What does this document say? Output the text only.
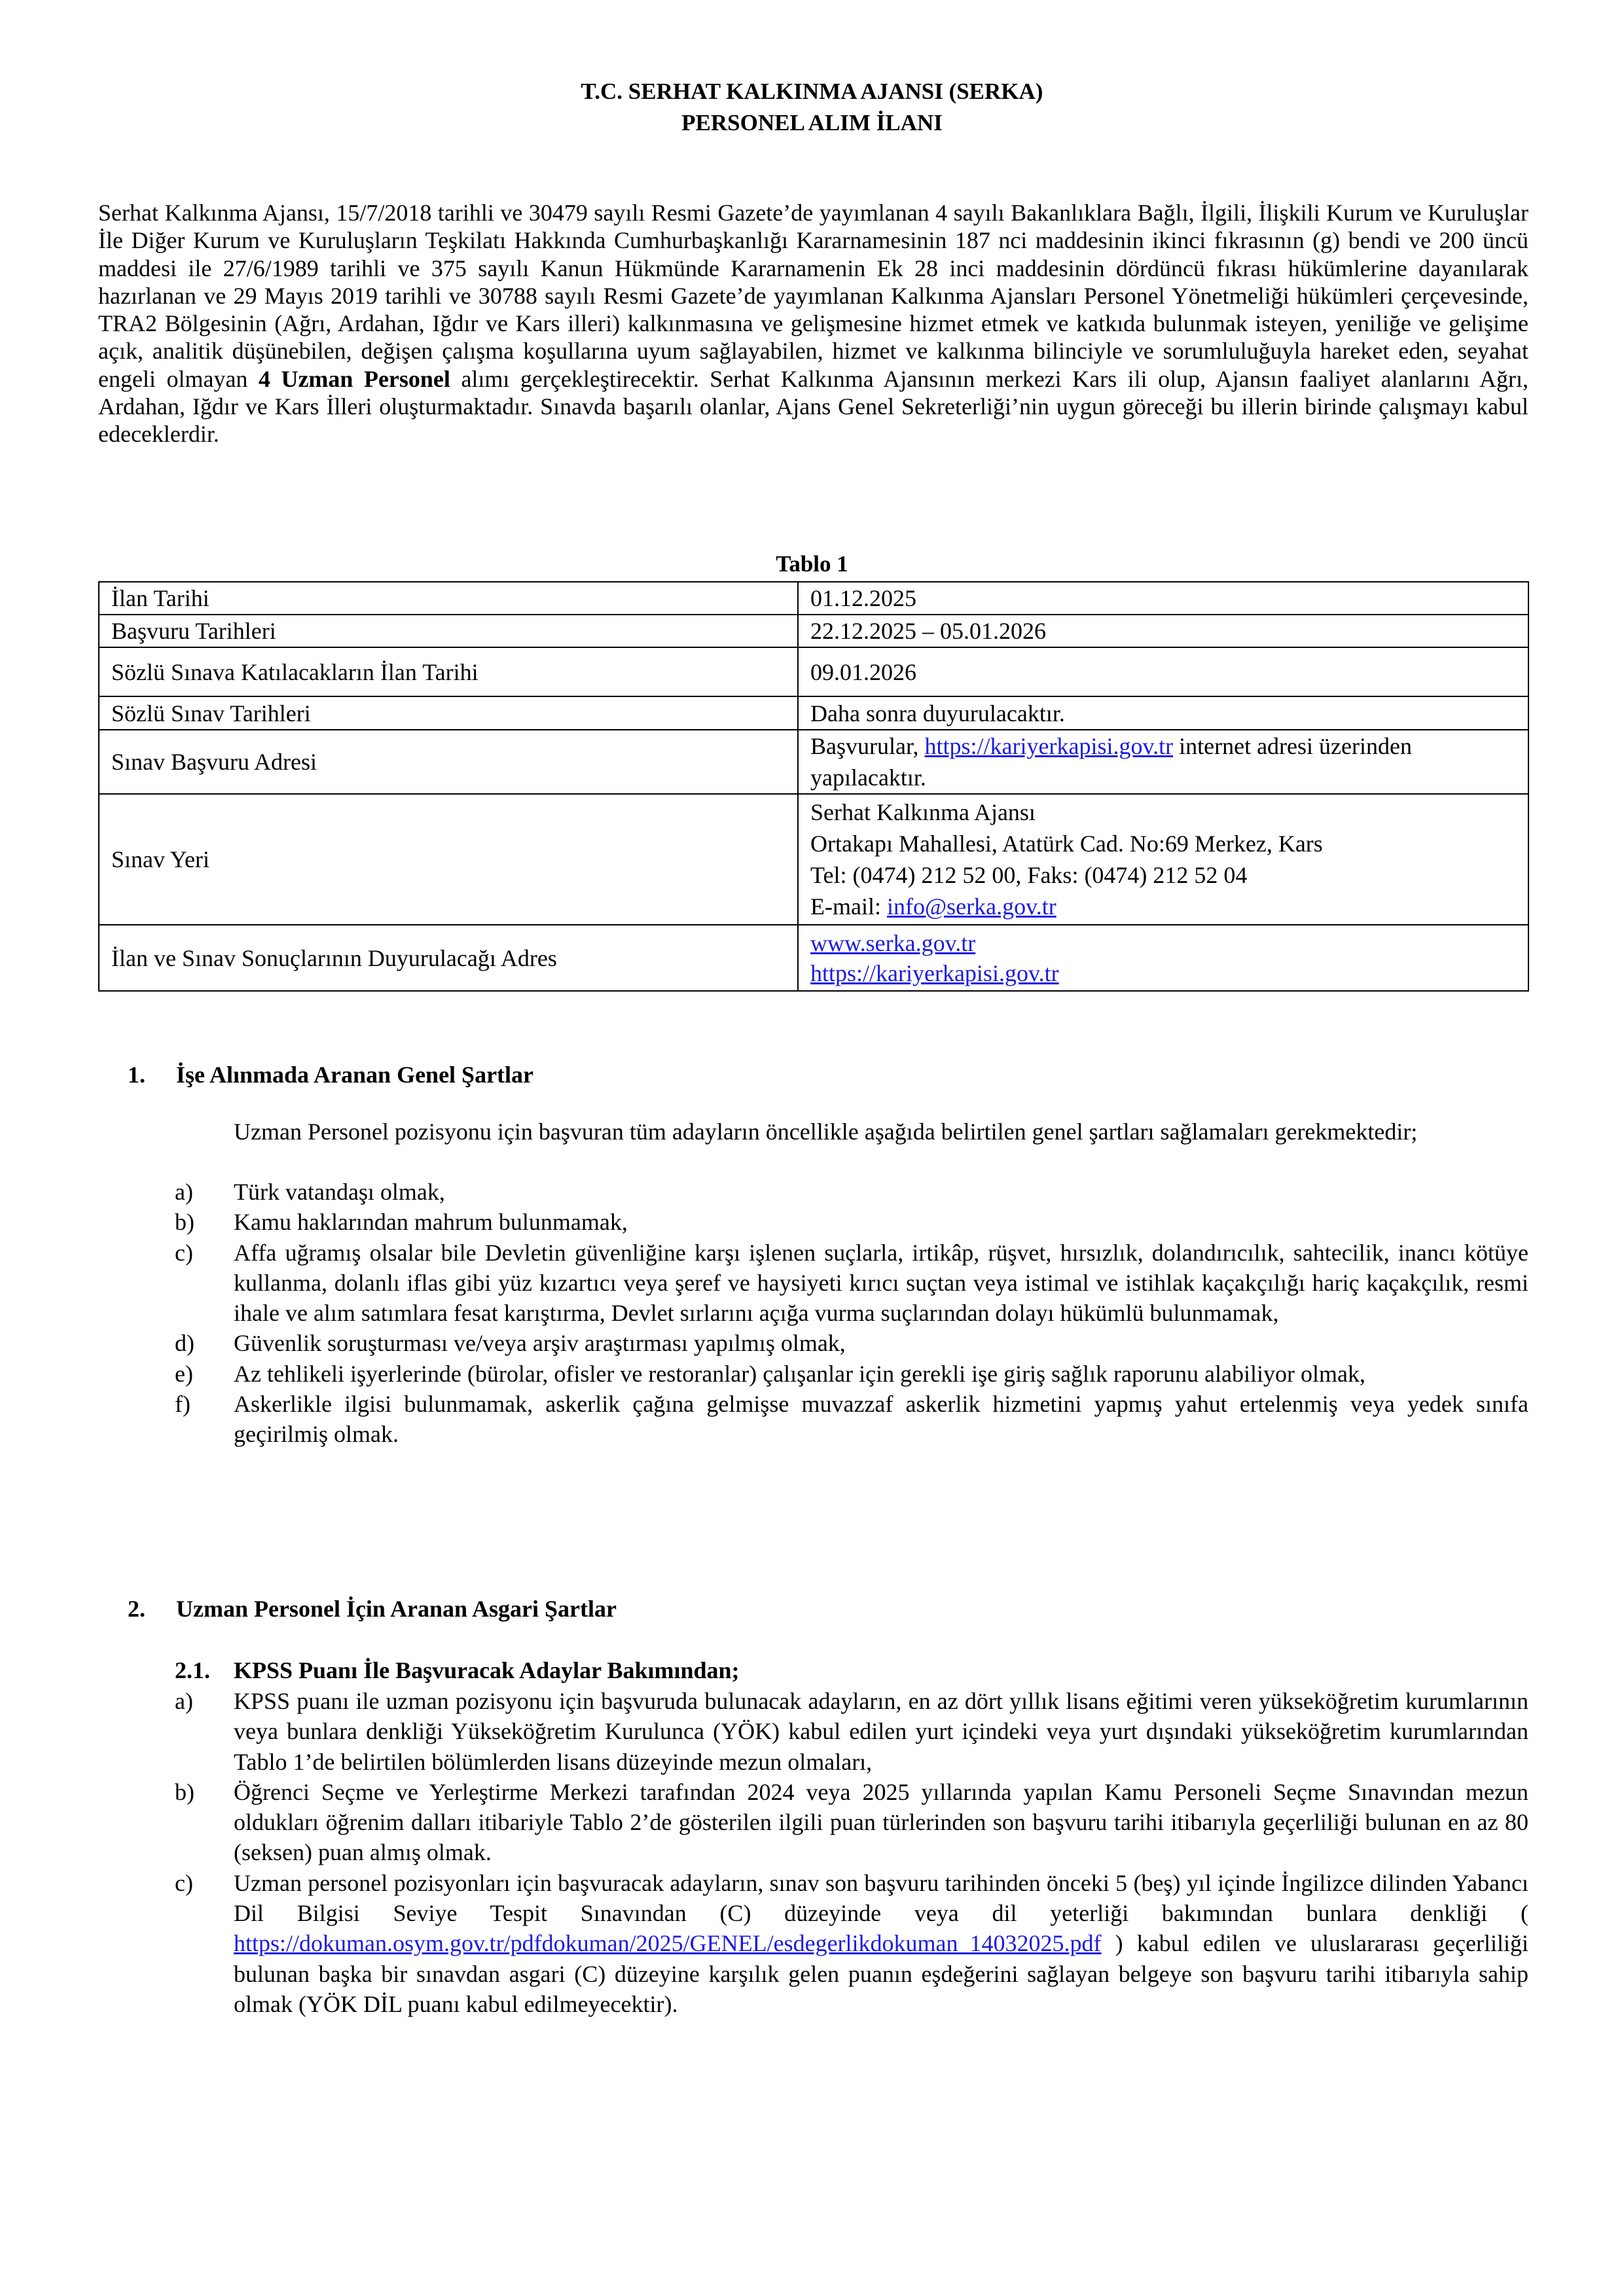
T.C. SERHAT KALKINMA AJANSI (SERKA)
PERSONEL ALIM İLANI
Serhat Kalkınma Ajansı, 15/7/2018 tarihli ve 30479 sayılı Resmi Gazete’de yayımlanan 4 sayılı Bakanlıklara Bağlı, İlgili, İlişkili Kurum ve Kuruluşlar İle Diğer Kurum ve Kuruluşların Teşkilatı Hakkında Cumhurbaşkanlığı Kararnamesinin 187 nci maddesinin ikinci fıkrasının (g) bendi ve 200 üncü maddesi ile 27/6/1989 tarihli ve 375 sayılı Kanun Hükmünde Kararnamenin Ek 28 inci maddesinin dördüncü fıkrası hükümlerine dayanılarak hazırlanan ve 29 Mayıs 2019 tarihli ve 30788 sayılı Resmi Gazete’de yayımlanan Kalkınma Ajansları Personel Yönetmeliği hükümleri çerçevesinde, TRA2 Bölgesinin (Ağrı, Ardahan, Iğdır ve Kars illeri) kalkınmasına ve gelişmesine hizmet etmek ve katkıda bulunmak isteyen, yeniliğe ve gelişime açık, analitik düşünebilen, değişen çalışma koşullarına uyum sağlayabilen, hizmet ve kalkınma bilinciyle ve sorumluluğuyla hareket eden, seyahat engeli olmayan 4 Uzman Personel alımı gerçekleştirecektir. Serhat Kalkınma Ajansının merkezi Kars ili olup, Ajansın faaliyet alanlarını Ağrı, Ardahan, Iğdır ve Kars İlleri oluşturmaktadır. Sınavda başarılı olanlar, Ajans Genel Sekreterliği’nin uygun göreceği bu illerin birinde çalışmayı kabul edeceklerdir.
Tablo 1
İlan Tarihi	01.12.2025
Başvuru Tarihleri	22.12.2025 – 05.01.2026
Sözlü Sınava Katılacakların İlan Tarihi	09.01.2026
Sözlü Sınav Tarihleri	Daha sonra duyurulacaktır.
Sınav Başvuru Adresi	Başvurular, https://kariyerkapisi.gov.tr internet adresi üzerinden yapılacaktır.
Sınav Yeri	Serhat Kalkınma Ajansı
Ortakapı Mahallesi, Atatürk Cad. No:69 Merkez, Kars
Tel: (0474) 212 52 00, Faks: (0474) 212 52 04
E-mail: info@serka.gov.tr

İlan ve Sınav Sonuçlarının Duyurulacağı Adres	www.serka.gov.tr
https://kariyerkapisi.gov.tr
1. İşe Alınmada Aranan Genel Şartlar
Uzman Personel pozisyonu için başvuran tüm adayların öncellikle aşağıda belirtilen genel şartları sağlamaları gerekmektedir;
a) Türk vatandaşı olmak,
b) Kamu haklarından mahrum bulunmamak,
c) Affa uğramış olsalar bile Devletin güvenliğine karşı işlenen suçlarla, irtikâp, rüşvet, hırsızlık, dolandırıcılık, sahtecilik, inancı kötüye kullanma, dolanlı iflas gibi yüz kızartıcı veya şeref ve haysiyeti kırıcı suçtan veya istimal ve istihlak kaçakçılığı hariç kaçakçılık, resmi ihale ve alım satımlara fesat karıştırma, Devlet sırlarını açığa vurma suçlarından dolayı hükümlü bulunmamak,
d) Güvenlik soruşturması ve/veya arşiv araştırması yapılmış olmak,
e) Az tehlikeli işyerlerinde (bürolar, ofisler ve restoranlar) çalışanlar için gerekli işe giriş sağlık raporunu alabiliyor olmak,
f) Askerlikle ilgisi bulunmamak, askerlik çağına gelmişse muvazzaf askerlik hizmetini yapmış yahut ertelenmiş veya yedek sınıfa geçirilmiş olmak.
2. Uzman Personel İçin Aranan Asgari Şartlar
2.1. KPSS Puanı İle Başvuracak Adaylar Bakımından;
a) KPSS puanı ile uzman pozisyonu için başvuruda bulunacak adayların, en az dört yıllık lisans eğitimi veren yükseköğretim kurumlarının veya bunlara denkliği Yükseköğretim Kurulunca (YÖK) kabul edilen yurt içindeki veya yurt dışındaki yükseköğretim kurumlarından Tablo 1’de belirtilen bölümlerden lisans düzeyinde mezun olmaları,
b) Öğrenci Seçme ve Yerleştirme Merkezi tarafından 2024 veya 2025 yıllarında yapılan Kamu Personeli Seçme Sınavından mezun oldukları öğrenim dalları itibariyle Tablo 2’de gösterilen ilgili puan türlerinden son başvuru tarihi itibarıyla geçerliliği bulunan en az 80 (seksen) puan almış olmak.
c) Uzman personel pozisyonları için başvuracak adayların, sınav son başvuru tarihinden önceki 5 (beş) yıl içinde İngilizce dilinden Yabancı Dil Bilgisi Seviye Tespit Sınavından (C) düzeyinde veya dil yeterliği bakımından bunlara denkliği ( https://dokuman.osym.gov.tr/pdfdokuman/2025/GENEL/esdegerlikdokuman_14032025.pdf ) kabul edilen ve uluslararası geçerliliği bulunan başka bir sınavdan asgari (C) düzeyine karşılık gelen puanın eşdeğerini sağlayan belgeye son başvuru tarihi itibarıyla sahip olmak (YÖK DİL puanı kabul edilmeyecektir).
